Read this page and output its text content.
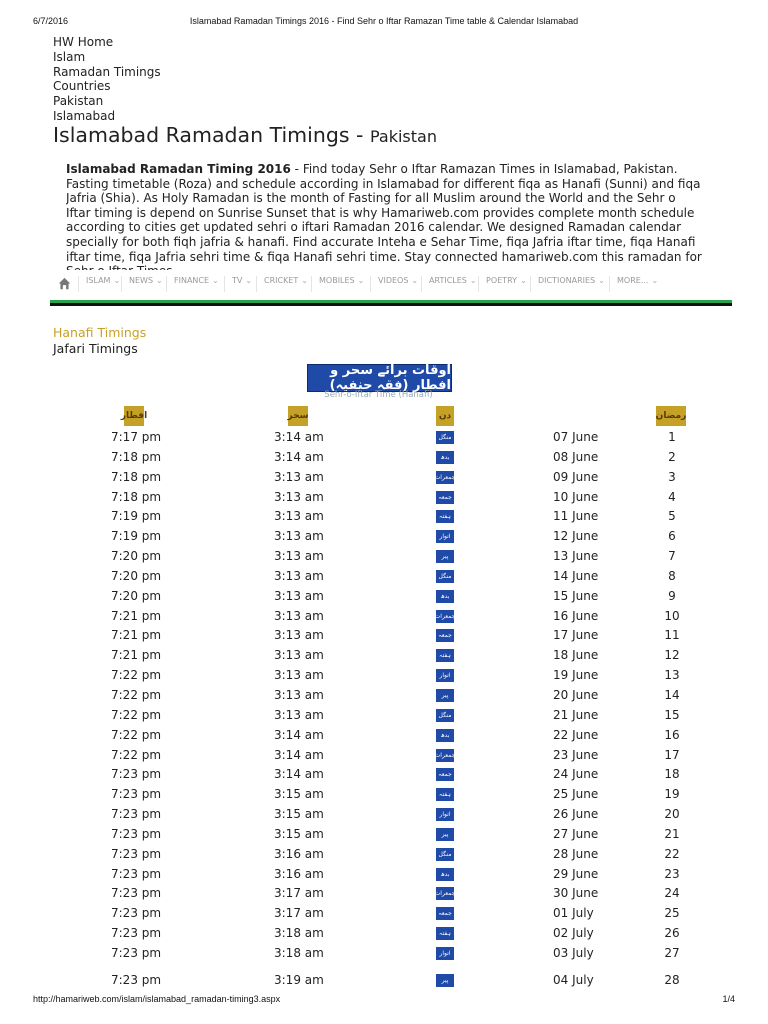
6/7/2016	Islamabad Ramadan Timings 2016 - Find Sehr o Iftar Ramazan Time table & Calendar Islamabad
HW Home
Islam
Ramadan Timings
Countries
Pakistan
Islamabad
Islamabad Ramadan Timings - Pakistan
Islamabad Ramadan Timing 2016 - Find today Sehr o Iftar Ramazan Times in Islamabad, Pakistan. Fasting timetable (Roza) and schedule according in Islamabad for different fiqa as Hanafi (Sunni) and fiqa Jafria (Shia). As Holy Ramadan is the month of Fasting for all Muslim around the World and the Sehr o Iftar timing is depend on Sunrise Sunset that is why Hamariweb.com provides complete month schedule according to cities get updated sehri o iftari Ramadan 2016 calendar. We designed Ramadan calendar specially for both fiqh jafria & hanafi. Find accurate Inteha e Sehar Time, fiqa Jafria iftar time, fiqa Hanafi iftar time, fiqa Jafria sehri time & fiqa Hanafi sehri time. Stay connected hamariweb.com this ramadan for
ISLAM ⌄	NEWS ⌄	FINANCE ⌄	TV ⌄	CRICKET ⌄	MOBILES ⌄	VIDEOS ⌄	ARTICLES ⌄	POETRY ⌄	DICTIONARIES ⌄	MORE... ⌄
Hanafi Timings
Jafari Timings
اوقات برائے سحر و افطار (فقہ حنفیہ)
Sehr-o-Iftar Time (Hanafi)
افطار	سحر	دن	رمضان
7:17 pm	3:14 am	منگل	07 June	1
7:18 pm	3:14 am	بدھ	08 June	2
7:18 pm	3:13 am	جمعرات	09 June	3
7:18 pm	3:13 am	جمعہ	10 June	4
7:19 pm	3:13 am	ہفتہ	11 June	5
7:19 pm	3:13 am	اتوار	12 June	6
7:20 pm	3:13 am	پیر	13 June	7
7:20 pm	3:13 am	منگل	14 June	8
7:20 pm	3:13 am	بدھ	15 June	9
7:21 pm	3:13 am	جمعرات	16 June	10
7:21 pm	3:13 am	جمعہ	17 June	11
7:21 pm	3:13 am	ہفتہ	18 June	12
7:22 pm	3:13 am	اتوار	19 June	13
7:22 pm	3:13 am	پیر	20 June	14
7:22 pm	3:13 am	منگل	21 June	15
7:22 pm	3:14 am	بدھ	22 June	16
7:22 pm	3:14 am	جمعرات	23 June	17
7:23 pm	3:14 am	جمعہ	24 June	18
7:23 pm	3:15 am	ہفتہ	25 June	19
7:23 pm	3:15 am	اتوار	26 June	20
7:23 pm	3:15 am	پیر	27 June	21
7:23 pm	3:16 am	منگل	28 June	22
7:23 pm	3:16 am	بدھ	29 June	23
7:23 pm	3:17 am	جمعرات	30 June	24
7:23 pm	3:17 am	جمعہ	01 July	25
7:23 pm	3:18 am	ہفتہ	02 July	26
7:23 pm	3:18 am	اتوار	03 July	27
7:23 pm	3:19 am	پیر	04 July	28
http://hamariweb.com/islam/islamabad_ramadan-timing3.aspx	1/4
